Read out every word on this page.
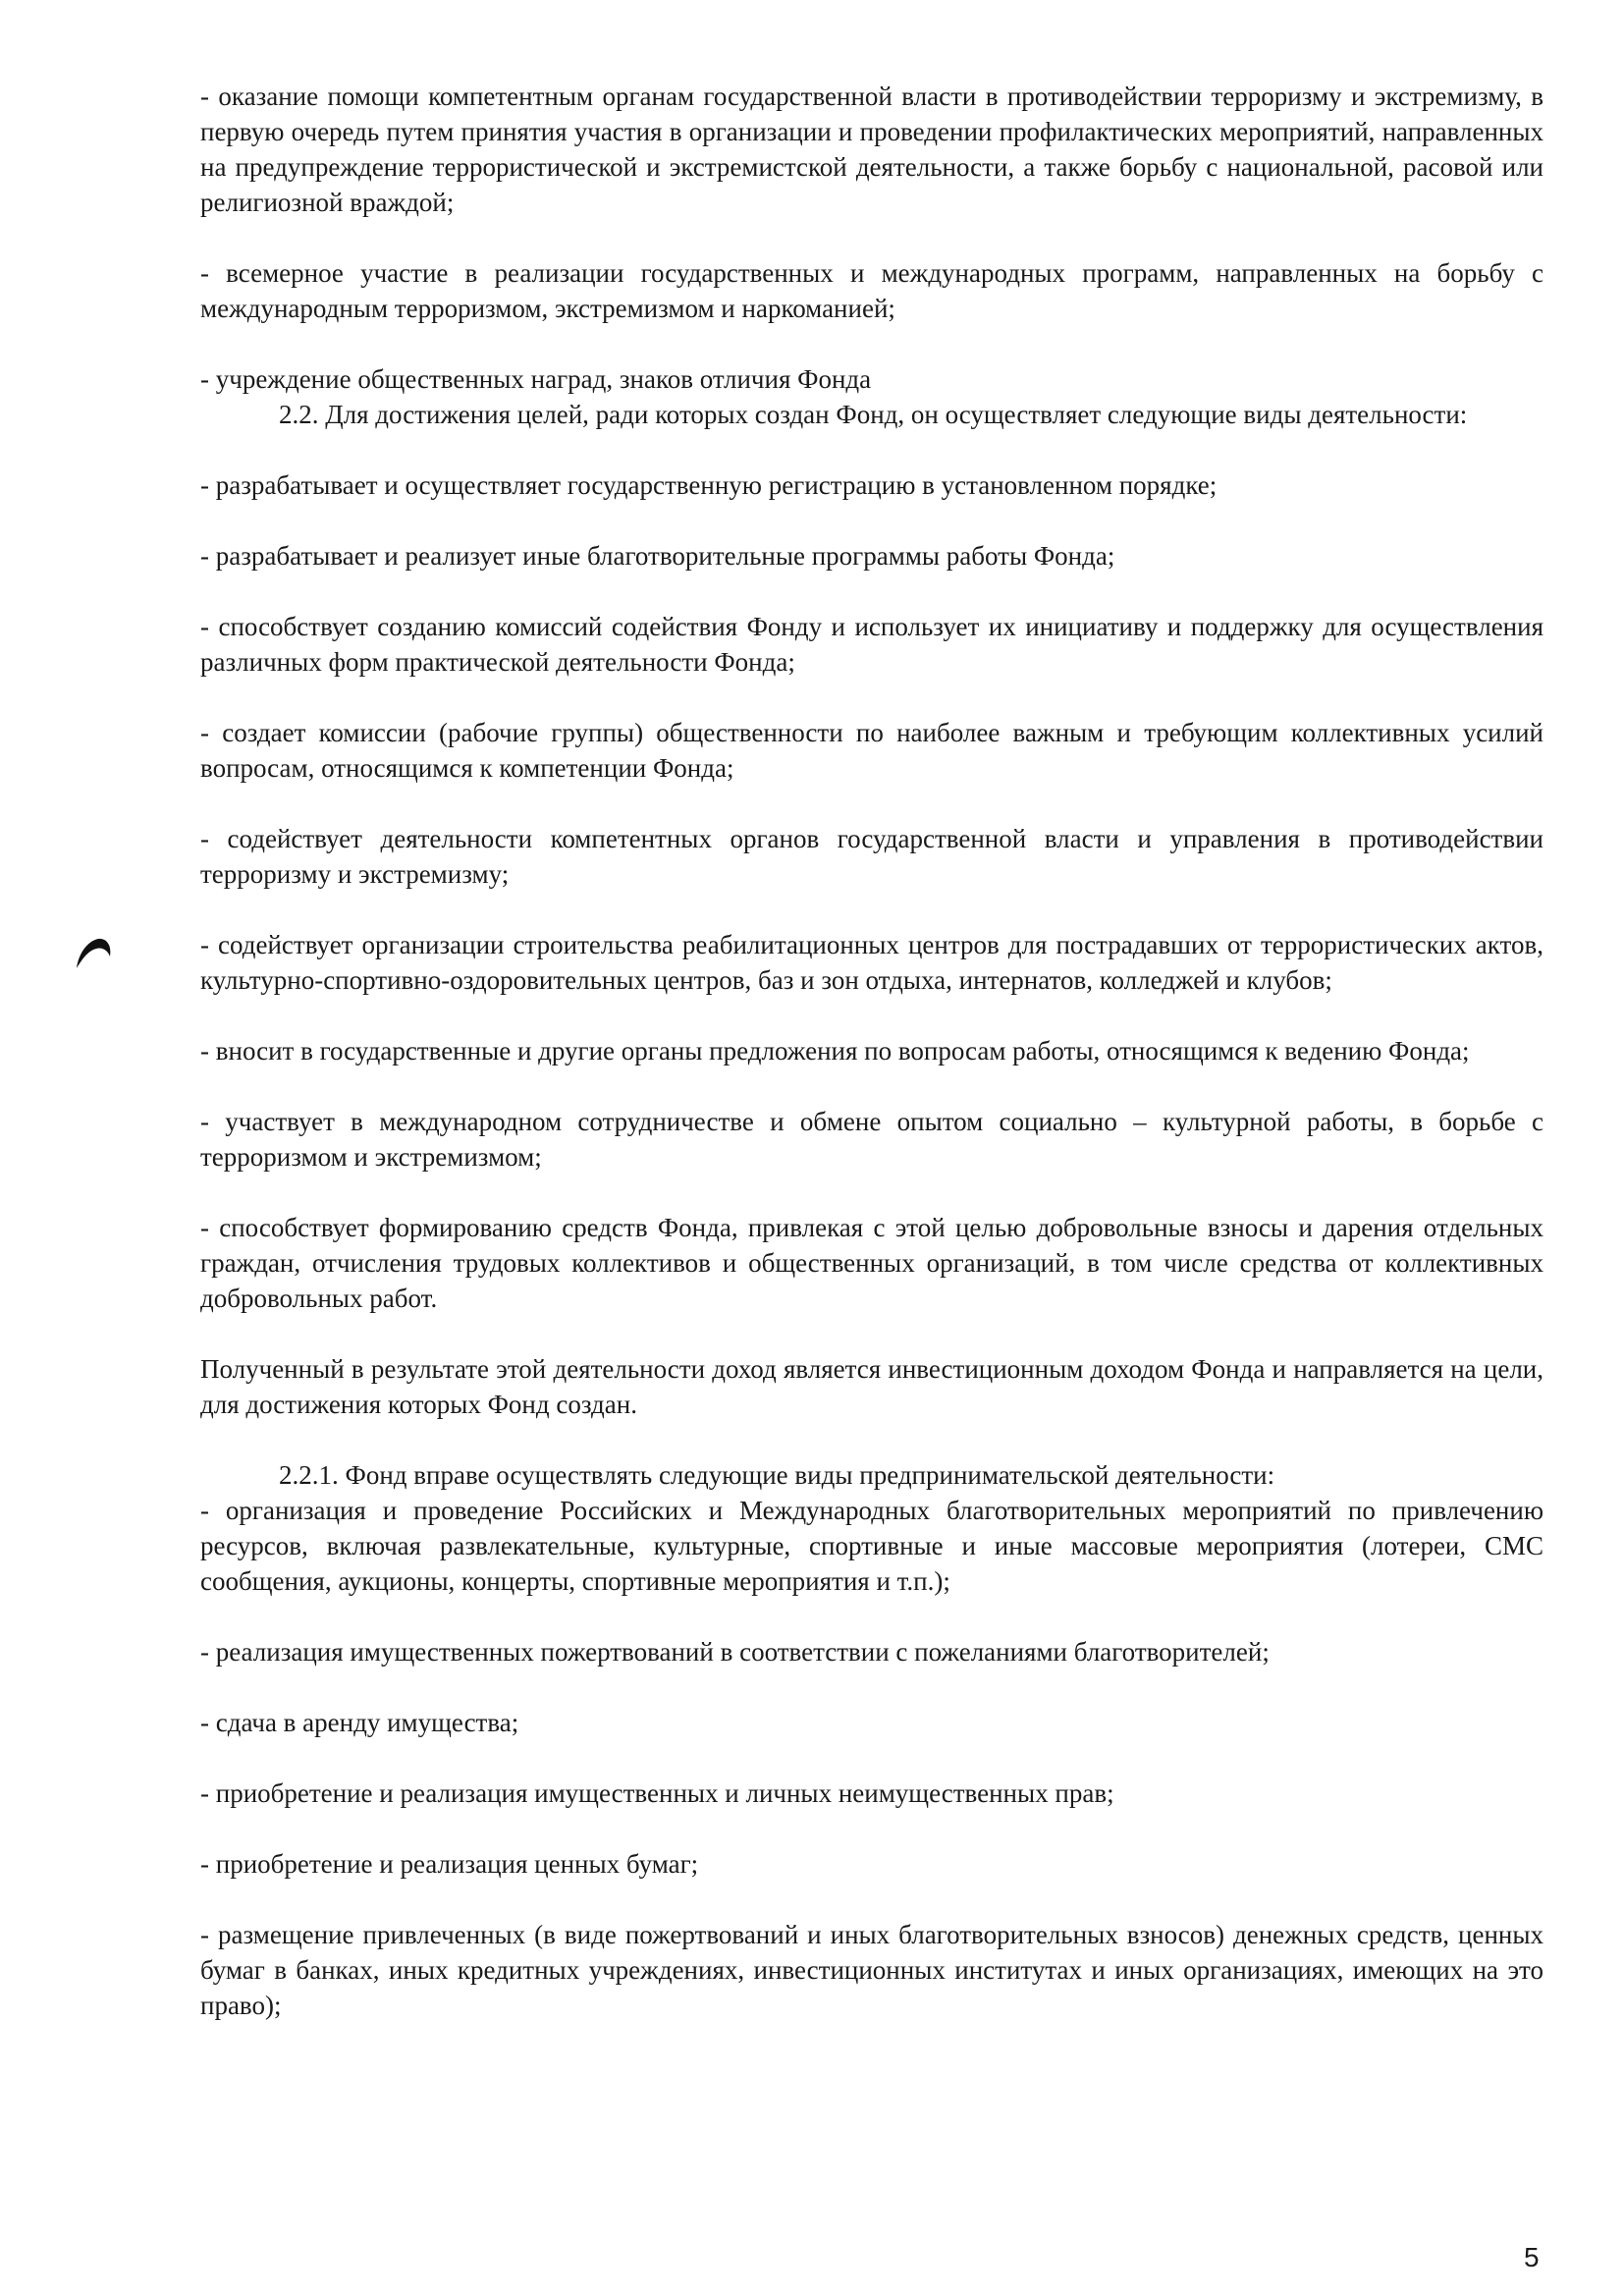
- оказание помощи компетентным органам государственной власти в противодействии терроризму и экстремизму, в первую очередь путем принятия участия в организации и проведении профилактических мероприятий, направленных на предупреждение террористической и экстремистской деятельности, а также борьбу с национальной, расовой или религиозной враждой;

- всемерное участие в реализации государственных и международных программ, направленных на борьбу с международным терроризмом, экстремизмом и наркоманией;

- учреждение общественных наград, знаков отличия Фонда

2.2. Для достижения целей, ради которых создан Фонд, он осуществляет следующие виды деятельности:

- разрабатывает и осуществляет государственную регистрацию в установленном порядке;

- разрабатывает и реализует иные благотворительные программы работы Фонда;

- способствует созданию комиссий содействия Фонду и использует их инициативу и поддержку для осуществления различных форм практической деятельности Фонда;

- создает комиссии (рабочие группы) общественности по наиболее важным и требующим коллективных усилий вопросам, относящимся к компетенции Фонда;

- содействует деятельности компетентных органов государственной власти и управления в противодействии терроризму и экстремизму;

- содействует организации строительства реабилитационных центров для пострадавших от террористических актов, культурно-спортивно-оздоровительных центров, баз и зон отдыха, интернатов, колледжей и клубов;

- вносит в государственные и другие органы предложения по вопросам работы, относящимся к ведению Фонда;

- участвует в международном сотрудничестве и обмене опытом социально – культурной работы, в борьбе с терроризмом и экстремизмом;

- способствует формированию средств Фонда, привлекая с этой целью добровольные взносы и дарения отдельных граждан, отчисления трудовых коллективов и общественных организаций, в том числе средства от коллективных добровольных работ.

Полученный в результате этой деятельности доход является инвестиционным доходом Фонда и направляется на цели, для достижения которых Фонд создан.

2.2.1. Фонд вправе осуществлять следующие виды предпринимательской деятельности:

- организация и проведение Российских и Международных благотворительных мероприятий по привлечению ресурсов, включая развлекательные, культурные, спортивные и иные массовые мероприятия (лотереи, СМС сообщения, аукционы, концерты, спортивные мероприятия и т.п.);

- реализация имущественных пожертвований в соответствии с пожеланиями благотворителей;

- сдача в аренду имущества;

- приобретение и реализация имущественных и личных неимущественных прав;

- приобретение и реализация ценных бумаг;

- размещение привлеченных (в виде пожертвований и иных благотворительных взносов) денежных средств, ценных бумаг в банках, иных кредитных учреждениях, инвестиционных институтах и иных организациях, имеющих на это право);

5
